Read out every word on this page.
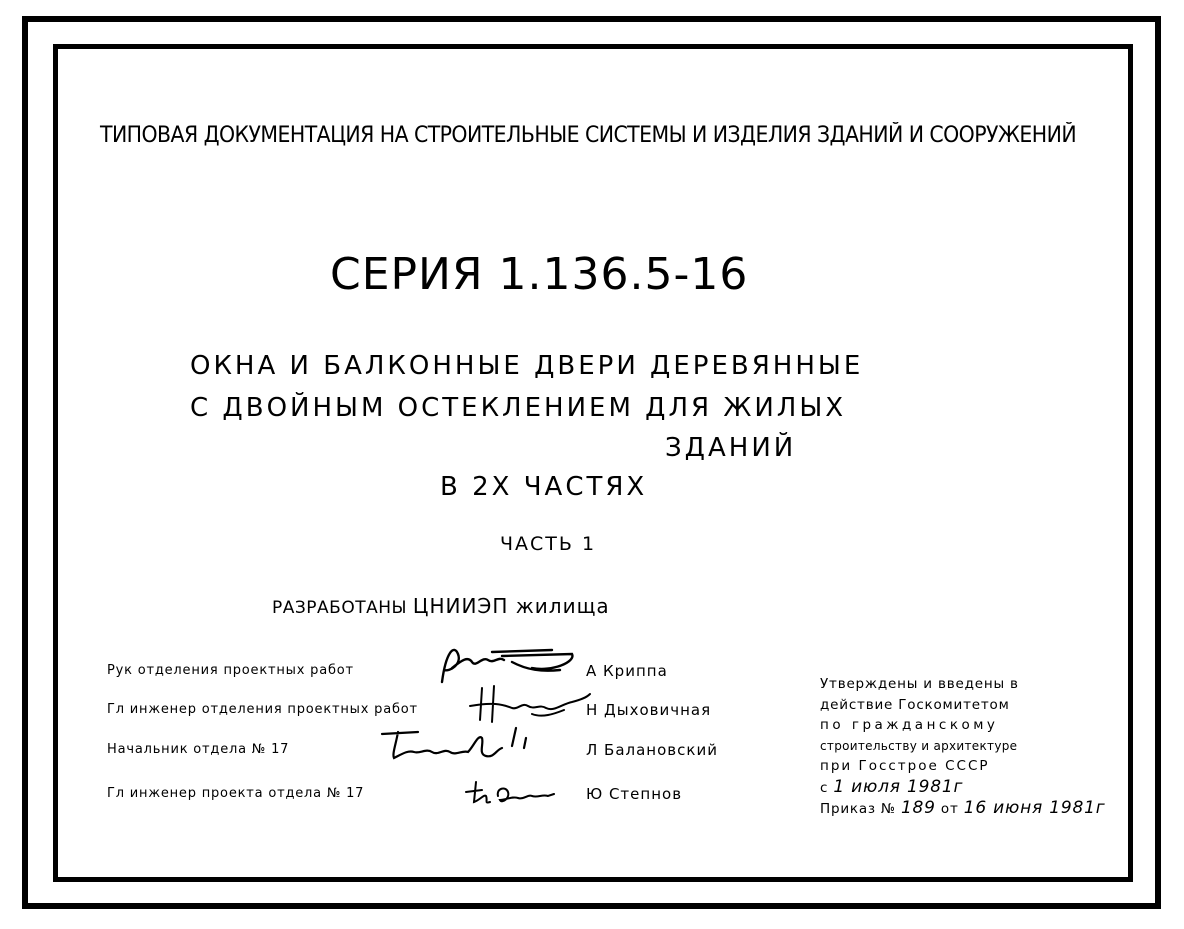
ТИПОВАЯ ДОКУМЕНТАЦИЯ НА СТРОИТЕЛЬНЫЕ СИСТЕМЫ И ИЗДЕЛИЯ ЗДАНИЙ И СООРУЖЕНИЙ
СЕРИЯ 1.136.5-16
ОКНА И БАЛКОННЫЕ ДВЕРИ ДЕРЕВЯННЫЕ
С ДВОЙНЫМ ОСТЕКЛЕНИЕМ ДЛЯ ЖИЛЫХ
ЗДАНИЙ
В 2Х ЧАСТЯХ
ЧАСТЬ 1
РАЗРАБОТАНЫ ЦНИИЭП жилища
Рук отделения проектных работ	А Криппа
Гл инженер отделения проектных работ	Н Дыховичная
Начальник отдела № 17	Л Балановский
Гл инженер проекта отдела № 17	Ю Степнов
Утверждены и введены в
действие Госкомитетом
по гражданскому
строительству и архитектуре
при Госстрое СССР
с 1 июля 1981г
Приказ № 189 от 16 июня 1981г
